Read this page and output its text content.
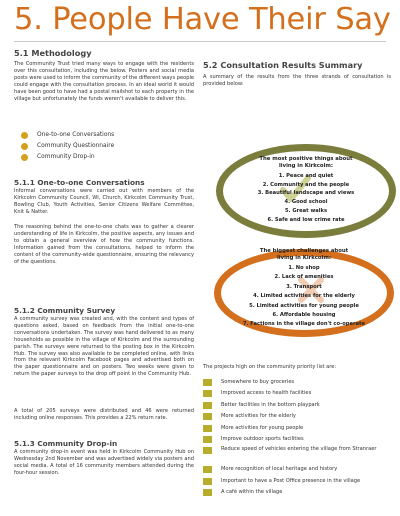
5. People Have Their Say
5.1 Methodology

The Community Trust tried many ways to engage with the residents over this consultation, including the below. Posters and social media posts were used to inform the community of the different ways people could engage with the consultation process. In an ideal world it would have been good to have had a postal mailshot to each property in the village but unfortunately the funds weren't available to deliver this.

One-to-one Conversations
Community Questionnaire
Community Drop-in
5.1.1 One-to-one Conversations

Informal conversations were carried out with members of the Kirkcolm Community Council, WI, Church, Kirkcolm Community Trust, Bowling Club, Youth Activities, Senior Citizens Welfare Committee, Knit & Natter.

The reasoning behind the one-to-one chats was to gather a clearer understanding of life in Kirkcolm, the positive aspects, any issues and to obtain a general overview of how the community functions. Information gained from the consultations, helped to inform the content of the community-wide questionnaire, ensuring the relevancy of the questions.

5.1.2 Community Survey

A community survey was created and, with the content and types of questions asked, based on feedback from the initial one-to-one conversations undertaken. The survey was hand delivered to as many households as possible in the village of Kirkcolm and the surrounding parish. The surveys were returned to the posting box in the Kirkcolm Hub. The survey was also available to be completed online, with links from the relevant Kirkcolm Facebook pages and advertised both on the paper questionnaire and on posters. Two weeks were given to return the paper surveys to the drop off point in the Community Hub.

A total of 205 surveys were distributed and 46 were returned including online responses. This provides a 22% return rate.

5.1.3 Community Drop-in

A community drop-in event was held in Kirkcolm Community Hub on Wednesday 2nd November and was advertised widely via posters and social media. A total of 16 community members attended during the four-hour session.

5.2 Consultation Results Summary

A summary of the results from the three strands of consultation is provided below:

The most positive things about
living in Kirkcolm:
1. Peace and quiet
2. Community and the people
3. Beautiful landscape and views
4. Good school
5. Great walks
6. Safe and low crime rate
The biggest challenges about
living in Kirkcolm:
1. No shop
2. Lack of amenities
3. Transport
4. Limited activities for the elderly
5. Limited activities for young people
6. Affordable housing
7. Factions in the village don't co-operate

The projects high on the community priority list are:

Somewhere to buy groceries
Improved access to health facilities
Better facilities in the bottom playpark
More activities for the elderly
More activities for young people
Improve outdoor sports facilities
Reduce speed of vehicles entering the village from Stranraer
More recognition of local heritage and history
Important to have a Post Office presence in the village
A café within the village
